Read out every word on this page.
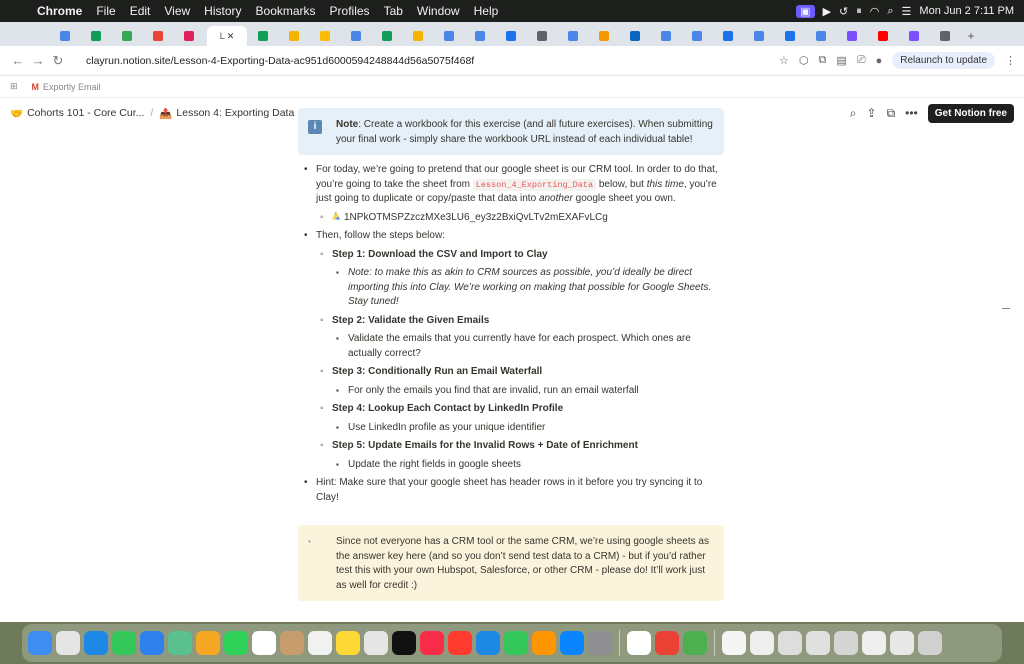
Chrome	File	Edit	View	History	Bookmarks	Profiles	Tab	Window	Help	▣	▶ ↺ ⏸ ◠ ⌕ ☰ Mon Jun 2 7:11 PM
L ✕	+
← → ↻	clayrun.notion.site/Lesson-4-Exporting-Data-ac951d6000594248844d56a5075f468f	☆ ⬡ ⧉ ▤ ⎚ ●	Relaunch to update	⋮
⊞ M Exportly Email
🤝 Cohorts 101 - Core Cur... / 📤 Lesson 4: Exporting Data	⌕ ⇪ ⧉ •••	Get Notion free
i	Note: Create a workbook for this exercise (and all future exercises). When submitting your final work - simply share the workbook URL instead of each individual table!
• For today, we’re going to pretend that our google sheet is our CRM tool. In order to do that, you’re going to take the sheet from Lesson_4_Exporting_Data below, but this time, you’re just going to duplicate or copy/paste that data into another google sheet you own.
◦ 1NPkOTMSPZzczMXe3LU6_ey3z2BxiQvLTv2mEXAFvLCg
• Then, follow the steps below:
◦ Step 1: Download the CSV and Import to Clay
▪ Note: to make this as akin to CRM sources as possible, you’d ideally be direct importing this into Clay. We’re working on making that possible for Google Sheets. Stay tuned!
◦ Step 2: Validate the Given Emails
▪ Validate the emails that you currently have for each prospect. Which ones are actually correct?
◦ Step 3: Conditionally Run an Email Waterfall
▪ For only the emails you find that are invalid, run an email waterfall
◦ Step 4: Lookup Each Contact by LinkedIn Profile
▪ Use LinkedIn profile as your unique identifier
◦ Step 5: Update Emails for the Invalid Rows + Date of Enrichment
▪ Update the right fields in google sheets
• Hint: Make sure that your google sheet has header rows in it before you try syncing it to Clay!
•	Since not everyone has a CRM tool or the same CRM, we’re using google sheets as the answer key here (and so you don’t send test data to a CRM) - but if you’d rather test this with your own Hubspot, Salesforce, or other CRM - please do! It’ll work just as well for credit :)
